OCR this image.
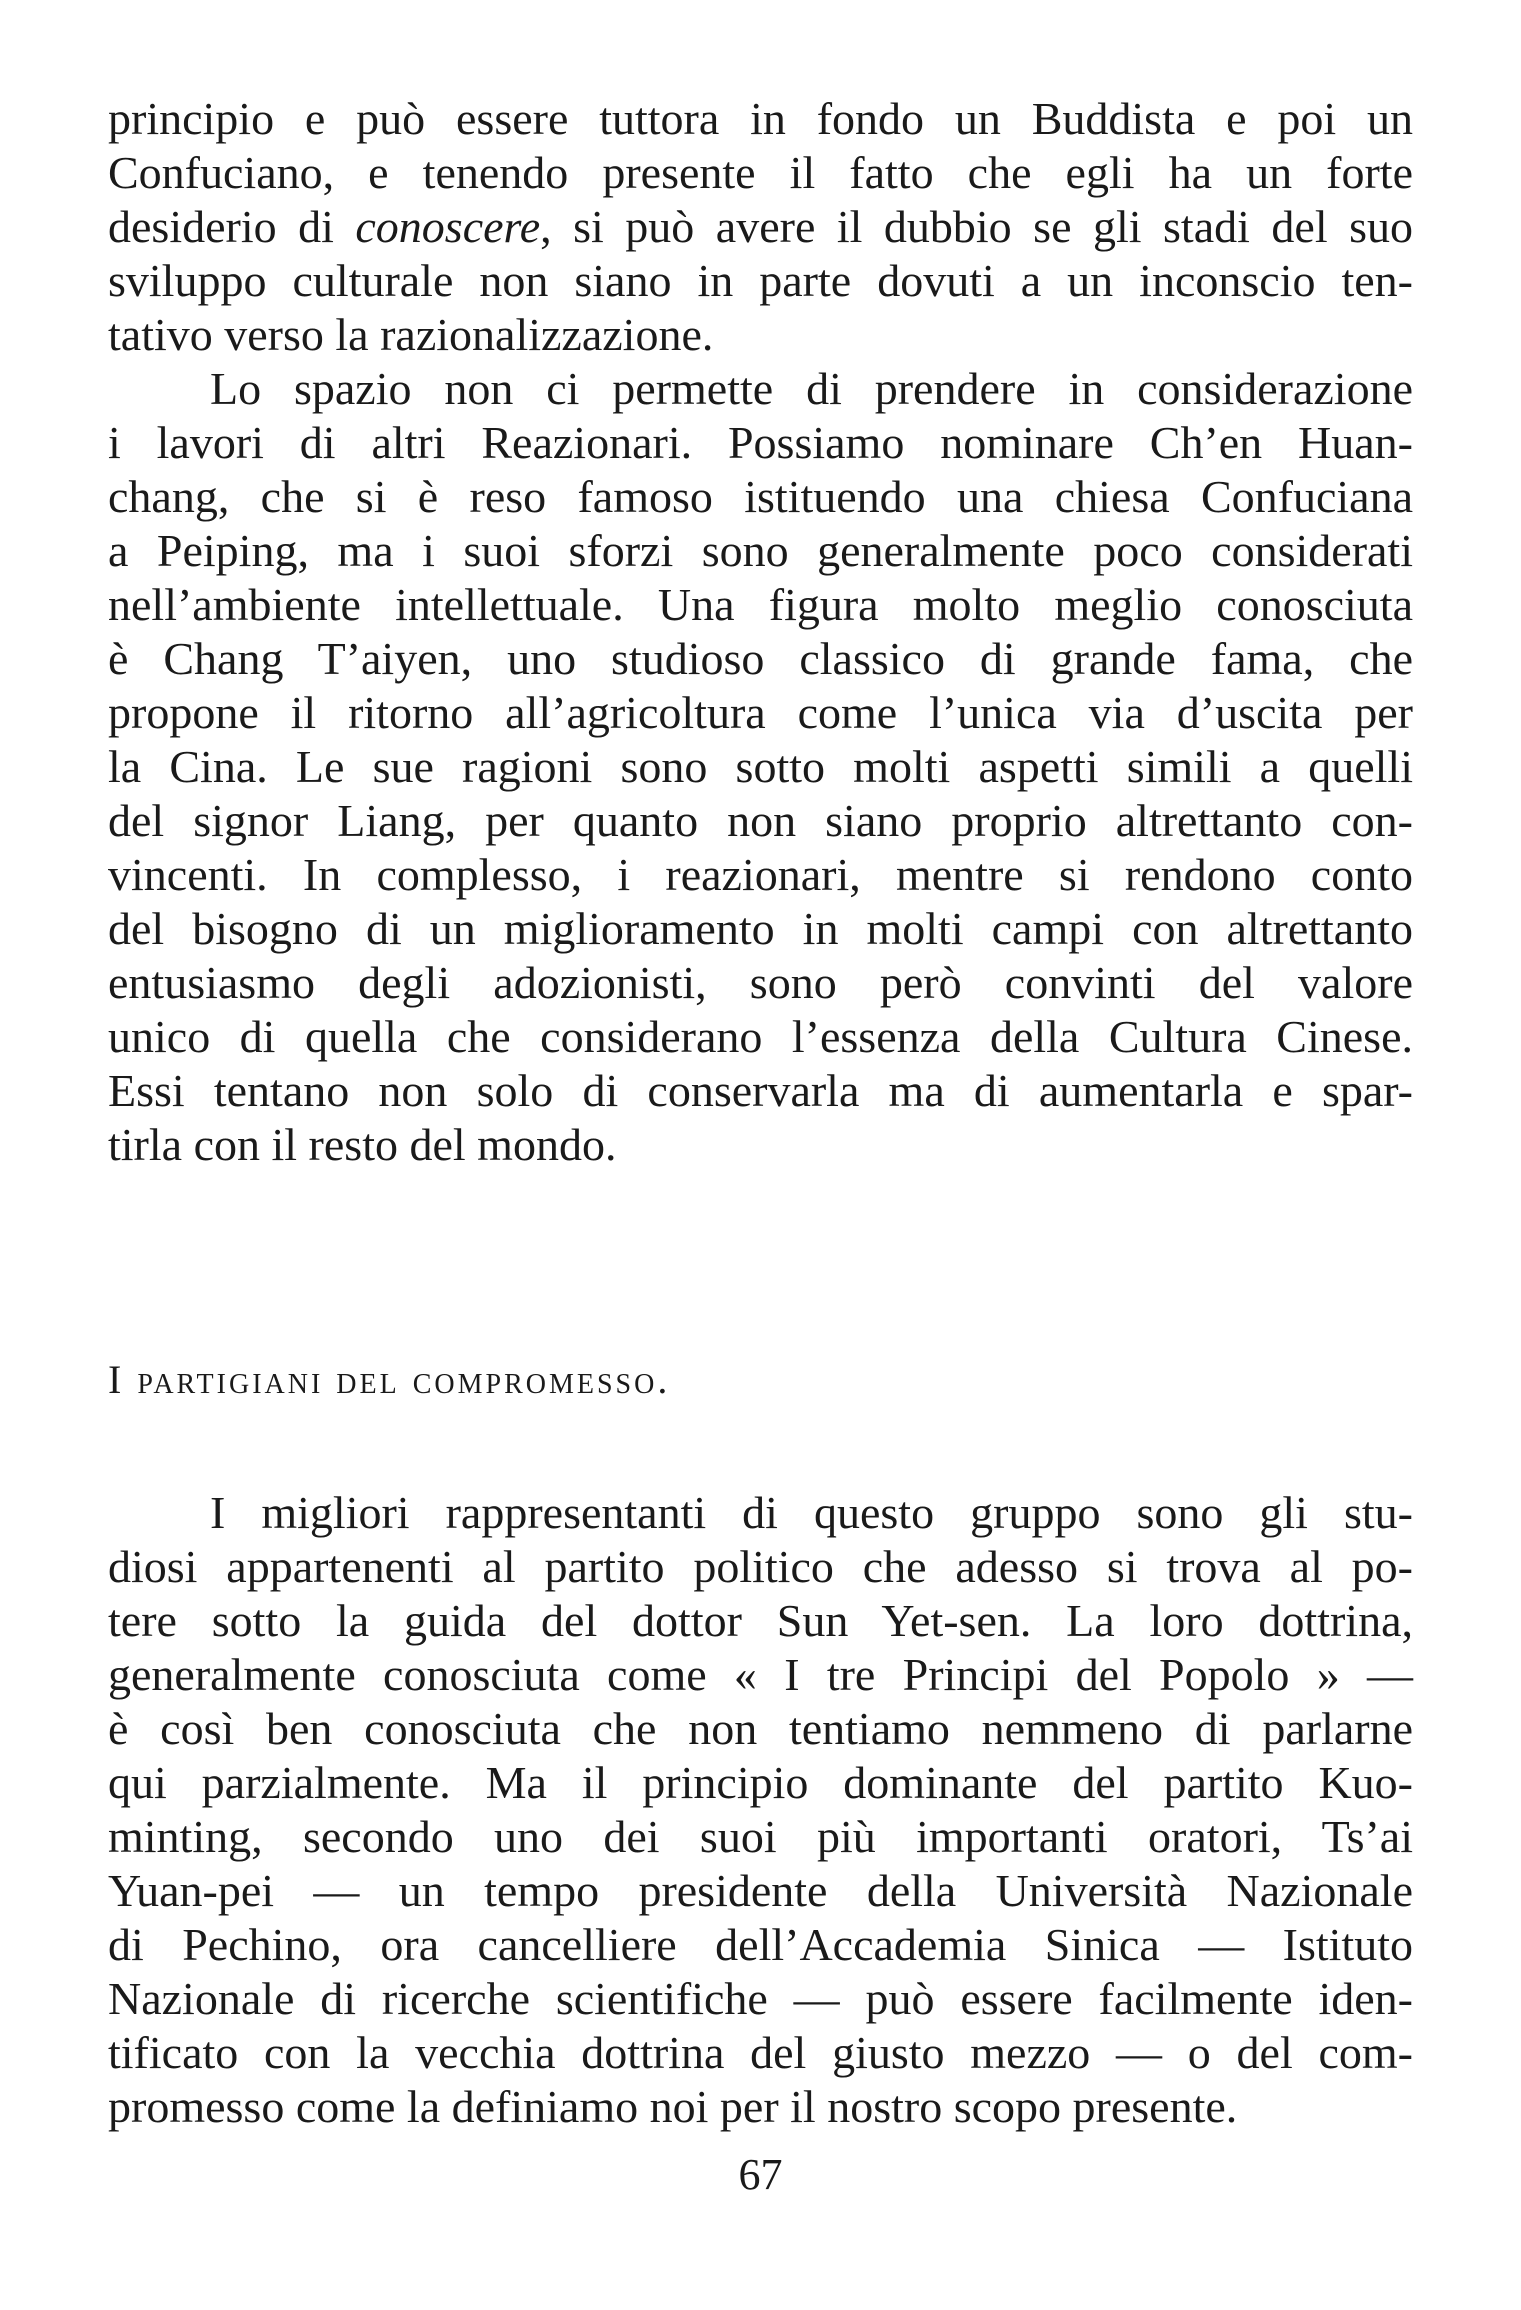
principio e può essere tuttora in fondo un Buddista e poi un
Confuciano, e tenendo presente il fatto che egli ha un forte
desiderio di conoscere, si può avere il dubbio se gli stadi del suo
sviluppo culturale non siano in parte dovuti a un inconscio ten-
tativo verso la razionalizzazione.
Lo spazio non ci permette di prendere in considerazione
i lavori di altri Reazionari. Possiamo nominare Ch’en Huan-
chang, che si è reso famoso istituendo una chiesa Confuciana
a Peiping, ma i suoi sforzi sono generalmente poco considerati
nell’ambiente intellettuale. Una figura molto meglio conosciuta
è Chang T’aiyen, uno studioso classico di grande fama, che
propone il ritorno all’agricoltura come l’unica via d’uscita per
la Cina. Le sue ragioni sono sotto molti aspetti simili a quelli
del signor Liang, per quanto non siano proprio altrettanto con-
vincenti. In complesso, i reazionari, mentre si rendono conto
del bisogno di un miglioramento in molti campi con altrettanto
entusiasmo degli adozionisti, sono però convinti del valore
unico di quella che considerano l’essenza della Cultura Cinese.
Essi tentano non solo di conservarla ma di aumentarla e spar-
tirla con il resto del mondo.
I partigiani del compromesso.
I migliori rappresentanti di questo gruppo sono gli stu-
diosi appartenenti al partito politico che adesso si trova al po-
tere sotto la guida del dottor Sun Yet-sen. La loro dottrina,
generalmente conosciuta come « I tre Principi del Popolo » —
è così ben conosciuta che non tentiamo nemmeno di parlarne
qui parzialmente. Ma il principio dominante del partito Kuo-
minting, secondo uno dei suoi più importanti oratori, Ts’ai
Yuan-pei — un tempo presidente della Università Nazionale
di Pechino, ora cancelliere dell’Accademia Sinica — Istituto
Nazionale di ricerche scientifiche — può essere facilmente iden-
tificato con la vecchia dottrina del giusto mezzo — o del com-
promesso come la definiamo noi per il nostro scopo presente.
67
